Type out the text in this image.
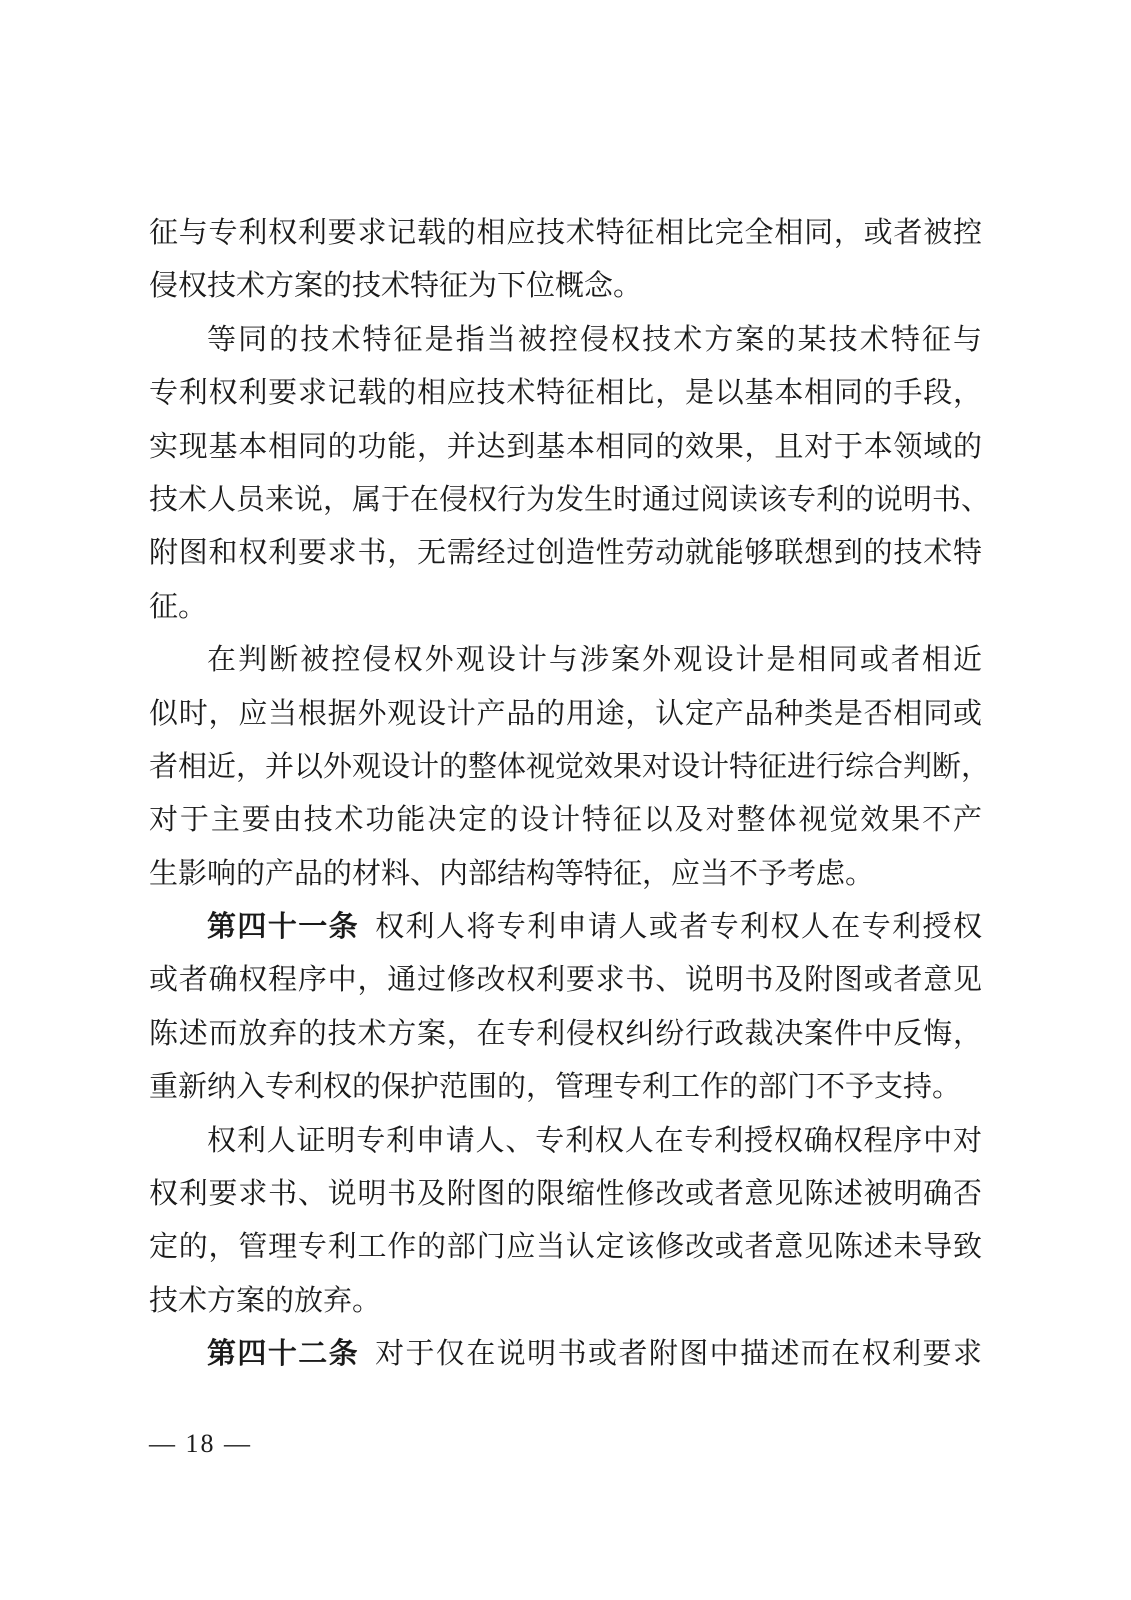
征与专利权利要求记载的相应技术特征相比完全相同，或者被控
侵权技术方案的技术特征为下位概念。
等同的技术特征是指当被控侵权技术方案的某技术特征与
专利权利要求记载的相应技术特征相比，是以基本相同的手段，
实现基本相同的功能，并达到基本相同的效果，且对于本领域的
技术人员来说，属于在侵权行为发生时通过阅读该专利的说明书、
附图和权利要求书，无需经过创造性劳动就能够联想到的技术特
征。
在判断被控侵权外观设计与涉案外观设计是相同或者相近
似时，应当根据外观设计产品的用途，认定产品种类是否相同或
者相近，并以外观设计的整体视觉效果对设计特征进行综合判断，
对于主要由技术功能决定的设计特征以及对整体视觉效果不产
生影响的产品的材料、内部结构等特征，应当不予考虑。
第四十一条 权利人将专利申请人或者专利权人在专利授权
或者确权程序中，通过修改权利要求书、说明书及附图或者意见
陈述而放弃的技术方案，在专利侵权纠纷行政裁决案件中反悔，
重新纳入专利权的保护范围的，管理专利工作的部门不予支持。
权利人证明专利申请人、专利权人在专利授权确权程序中对
权利要求书、说明书及附图的限缩性修改或者意见陈述被明确否
定的，管理专利工作的部门应当认定该修改或者意见陈述未导致
技术方案的放弃。
第四十二条 对于仅在说明书或者附图中描述而在权利要求
— 18 —
